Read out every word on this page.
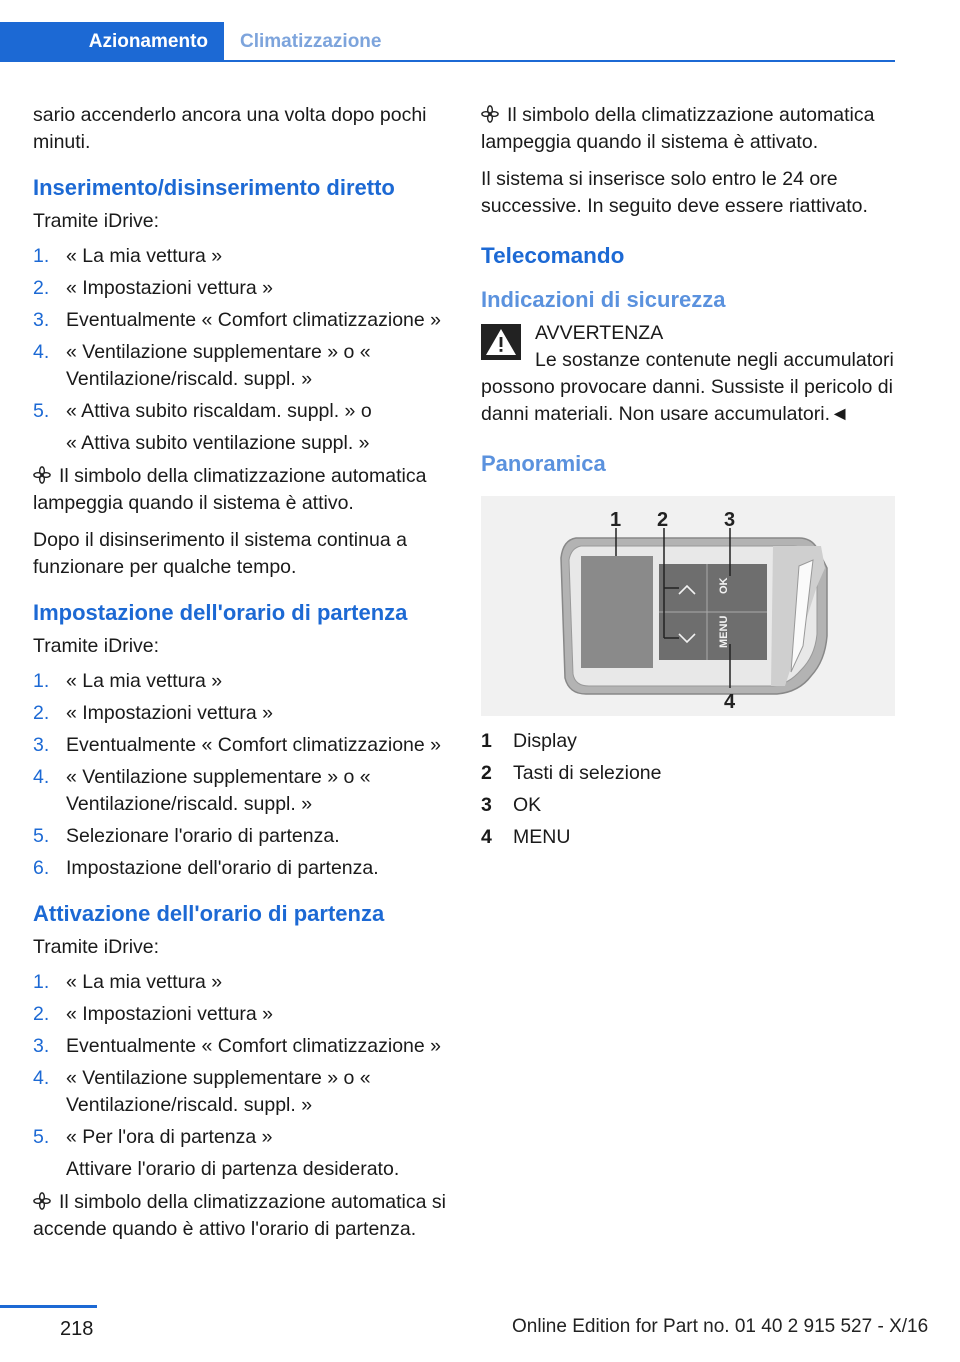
Azionamento Climatizzazione

sario accenderlo ancora una volta dopo pochi minuti.

Inserimento/disinserimento diretto

Tramite iDrive:

1. « La mia vettura »
2. « Impostazioni vettura »
3. Eventualmente « Comfort climatizzazione »
4. « Ventilazione supplementare » o « Ventilazione/riscald. suppl. »
5. « Attiva subito riscaldam. suppl. » o
« Attiva subito ventilazione suppl. »

Il simbolo della climatizzazione automatica lampeggia quando il sistema è attivo.

Dopo il disinserimento il sistema continua a funzionare per qualche tempo.

Impostazione dell'orario di partenza

Tramite iDrive:

1. « La mia vettura »
2. « Impostazioni vettura »
3. Eventualmente « Comfort climatizzazione »
4. « Ventilazione supplementare » o « Ventilazione/riscald. suppl. »
5. Selezionare l'orario di partenza.
6. Impostazione dell'orario di partenza.
Attivazione dell'orario di partenza

Tramite iDrive:

1. « La mia vettura »
2. « Impostazioni vettura »
3. Eventualmente « Comfort climatizzazione »
4. « Ventilazione supplementare » o « Ventilazione/riscald. suppl. »
5. « Per l'ora di partenza »
Attivare l'orario di partenza desiderato.

Il simbolo della climatizzazione automatica si accende quando è attivo l'orario di partenza.

Il simbolo della climatizzazione automatica lampeggia quando il sistema è attivato.

Il sistema si inserisce solo entro le 24 ore successive. In seguito deve essere riattivato.

Telecomando
Indicazioni di sicurezza
AVVERTENZA

Le sostanze contenute negli accumulatori possono provocare danni. Sussiste il pericolo di danni materiali. Non usare accumulatori.◄

Panoramica
OK
MENU
1 2	3
4
1	Display
2	Tasti di selezione
3	OK
4	MENU
218	Online Edition for Part no. 01 40 2 915 527 - X/16
